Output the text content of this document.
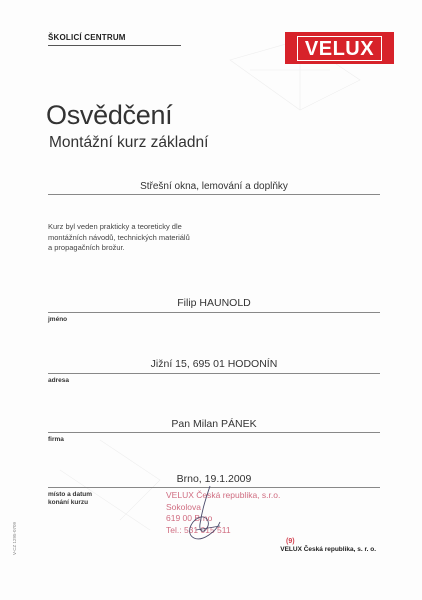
ŠKOLICÍ CENTRUM	VELUX
Osvědčení
Montážní kurz základní
Střešní okna, lemování a doplňky
Kurz byl veden prakticky a teoreticky dle
montážních návodů, technických materiálů
a propagačních brožur.
Filip HAUNOLD
jméno
Jižní 15, 695 01 HODONÍN
adresa
Pan Milan PÁNEK
firma
Brno, 19.1.2009
místo a datum
konání kurzu
VELUX Česká republika, s.r.o.
Sokolova
619 00 Brno
Tel.: 531 015 511
(9)
VELUX Česká republika, s. r. o.
V-CZ 1295-0709
